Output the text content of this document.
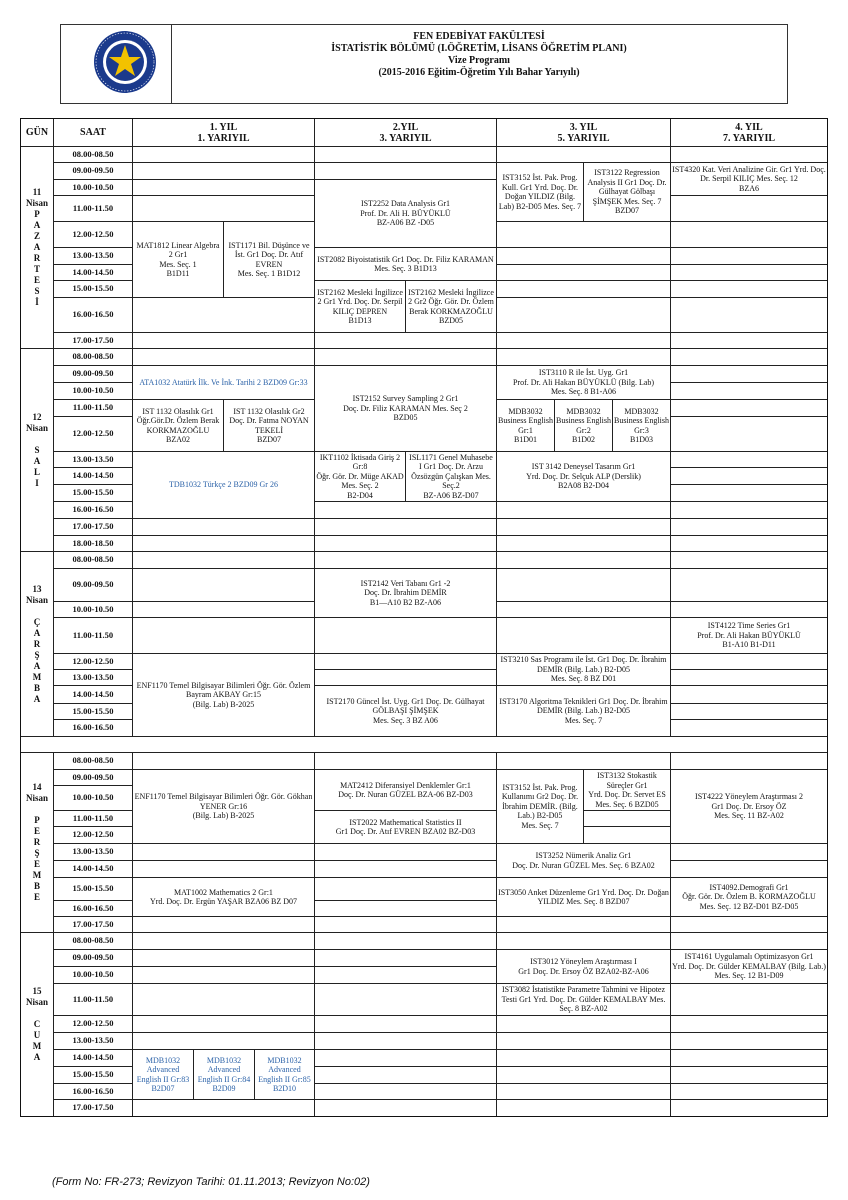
FEN EDEBİYAT FAKÜLTESİ
İSTATİSTİK BÖLÜMÜ (I.ÖĞRETİM, LİSANS ÖĞRETİM PLANI)
Vize Programı
(2015-2016 Eğitim-Öğretim Yılı Bahar Yarıyılı)
GÜN	SAAT	1. YIL
1. YARIYIL
2.YIL
3. YARIYIL
3. YIL
5. YARIYIL
4. YIL
7. YARIYIL
11
Nisan
P
A
Z
A
R
T
E
S
İ
08.00-08.50
09.00-09.50
10.00-10.50
11.00-11.50
12.00-12.50
13.00-13.50
14.00-14.50
15.00-15.50
16.00-16.50
17.00-17.50
12
Nisan

S
A
L
I
08.00-08.50
09.00-09.50
10.00-10.50
11.00-11.50
12.00-12.50
13.00-13.50
14.00-14.50
15.00-15.50
16.00-16.50
17.00-17.50
18.00-18.50
13
Nisan

Ç
A
R
Ş
A
M
B
A
08.00-08.50
09.00-09.50
10.00-10.50
11.00-11.50
12.00-12.50
13.00-13.50
14.00-14.50
15.00-15.50
16.00-16.50
14
Nisan

P
E
R
Ş
E
M
B
E
08.00-08.50
09.00-09.50
10.00-10.50
11.00-11.50
12.00-12.50
13.00-13.50
14.00-14.50
15.00-15.50
16.00-16.50
17.00-17.50
15
Nisan

C
U
M
A
08.00-08.50
09.00-09.50
10.00-10.50
11.00-11.50
12.00-12.50
13.00-13.50
14.00-14.50
15.00-15.50
16.00-16.50
17.00-17.50
MAT1812 Linear Algebra 2 Gr1
Mes. Seç. 1
B1D11
IST1171 Bil. Düşünce ve İst. Gr1 Doç. Dr. Atıf EVREN
Mes. Seç. 1 B1D12
IST2252 Data Analysis Gr1
Prof. Dr. Ali H. BÜYÜKLÜ
BZ-A06 BZ -D05
IST2082 Biyoistatistik Gr1 Doç. Dr. Filiz KARAMAN Mes. Seç. 3 B1D13
IST2162 Mesleki İngilizce 2 Gr1 Yrd. Doç. Dr. Serpil KILIÇ DEPREN
B1D13
IST2162 Mesleki İngilizce 2 Gr2 Öğr. Gör. Dr. Özlem Berak KORKMAZOĞLU
BZD05
IST3152 İst. Pak. Prog. Kull. Gr1 Yrd. Doç. Dr. Doğan YILDIZ (Bilg. Lab) B2-D05 Mes. Seç. 7
IST3122 Regression Analysis II Gr1 Doç. Dr. Gülhayat Gölbaşı ŞİMŞEK Mes. Seç. 7
BZD07
IST4320 Kat. Veri Analizine Gir. Gr1 Yrd. Doç. Dr. Serpil KILIÇ Mes. Seç. 12
BZA6
ATA1032 Atatürk İlk. Ve İnk. Tarihi 2 BZD09 Gr:33
IST 1132 Olasılık Gr1 Öğr.Gör.Dr. Özlem Berak KORKMAZOĞLU
BZA02
IST 1132 Olasılık Gr2 Doç. Dr. Fatma NOYAN TEKELİ
BZD07
TDB1032 Türkçe 2 BZD09 Gr 26
IST2152 Survey Sampling 2 Gr1
Doç. Dr. Filiz KARAMAN Mes. Seç 2
BZD05
IKT1102 İktisada Giriş 2 Gr:8
Öğr. Gör. Dr. Müge AKAD Mes. Seç. 2
B2-D04
ISL1171 Genel Muhasebe I Gr1 Doç. Dr. Arzu Özsözgün Çalışkan Mes. Seç.2
BZ-A06 BZ-D07
IST3110 R ile İst. Uyg. Gr1
Prof. Dr. Ali Hakan BÜYÜKLÜ (Bilg. Lab)
Mes. Seç. 8 B1-A06
MDB3032 Business English Gr:1
B1D01
MDB3032 Business English Gr:2
B1D02
MDB3032 Business English Gr:3
B1D03
IST 3142 Deneysel Tasarım Gr1
Yrd. Doç. Dr. Selçuk ALP (Derslik)
B2A08 B2-D04
ENF1170 Temel Bilgisayar Bilimleri Öğr. Gör. Özlem Bayram AKBAY Gr:15
(Bilg. Lab) B-2025
IST2142 Veri Tabanı Gr1 -2
Doç. Dr. İbrahim DEMİR
B1—A10 B2 BZ-A06
IST2170 Güncel İst. Uyg. Gr1 Doç. Dr. Gülhayat GÖLBAŞI ŞİMŞEK
Mes. Seç. 3 BZ A06
IST3210 Sas Programı ile İst. Gr1 Doç. Dr. İbrahim DEMİR (Bilg. Lab.) B2-D05
Mes. Seç. 8 BZ D01
IST3170 Algoritma Teknikleri Gr1 Doç. Dr. İbrahim DEMİR (Bilg. Lab.) B2-D05
Mes. Seç. 7
IST4122 Time Series Gr1
Prof. Dr. Ali Hakan BÜYÜKLÜ
B1-A10 B1-D11
ENF1170 Temel Bilgisayar Bilimleri Öğr. Gör. Gökhan YENER Gr:16
(Bilg. Lab) B-2025
MAT1002 Mathematics 2 Gr:1
Yrd. Doç. Dr. Ergün YAŞAR BZA06 BZ D07
MAT2412 Diferansiyel Denklemler Gr:1
Doç. Dr. Nuran GÜZEL BZA-06 BZ-D03
IST2022 Mathematical Statistics II
Gr1 Doç. Dr. Atıf EVREN BZA02 BZ-D03
IST3152 İst. Pak. Prog. Kullanımı Gr2 Doç. Dr. İbrahim DEMİR. (Bilg. Lab.) B2-D05
Mes. Seç. 7
IST3132 Stokastik Süreçler Gr1
Yrd. Doç. Dr. Servet ES Mes. Seç. 6 BZD05
IST3252 Nümerik Analiz Gr1
Doç. Dr. Nuran GÜZEL Mes. Seç. 6 BZA02
IST3050 Anket Düzenleme Gr1 Yrd. Doç. Dr. Doğan YILDIZ Mes. Seç. 8 BZD07
IST4222 Yöneylem Araştırması 2
Gr1 Doç. Dr. Ersoy ÖZ
Mes. Seç. 11 BZ-A02
IST4092.Demografi Gr1
Öğr. Gör. Dr. Özlem B. KORMAZOĞLU
Mes. Seç. 12 BZ-D01 BZ-D05
MDB1032 Advanced English II Gr:83 B2D07
MDB1032 Advanced English II Gr:84 B2D09
MDB1032 Advanced English II Gr:85 B2D10
IST3012 Yöneylem Araştırması I
Gr1 Doç. Dr. Ersoy ÖZ BZA02-BZ-A06
IST3082 İstatistikte Parametre Tahmini ve Hipotez Testi Gr1 Yrd. Doç. Dr. Gülder KEMALBAY Mes. Seç. 8 BZ-A02
IST4161 Uygulamalı Optimizasyon Gr1
Yrd. Doç. Dr. Gülder KEMALBAY (Bilg. Lab.) Mes. Seç. 12 B1-D09
(Form No: FR-273; Revizyon Tarihi: 01.11.2013; Revizyon No:02)
